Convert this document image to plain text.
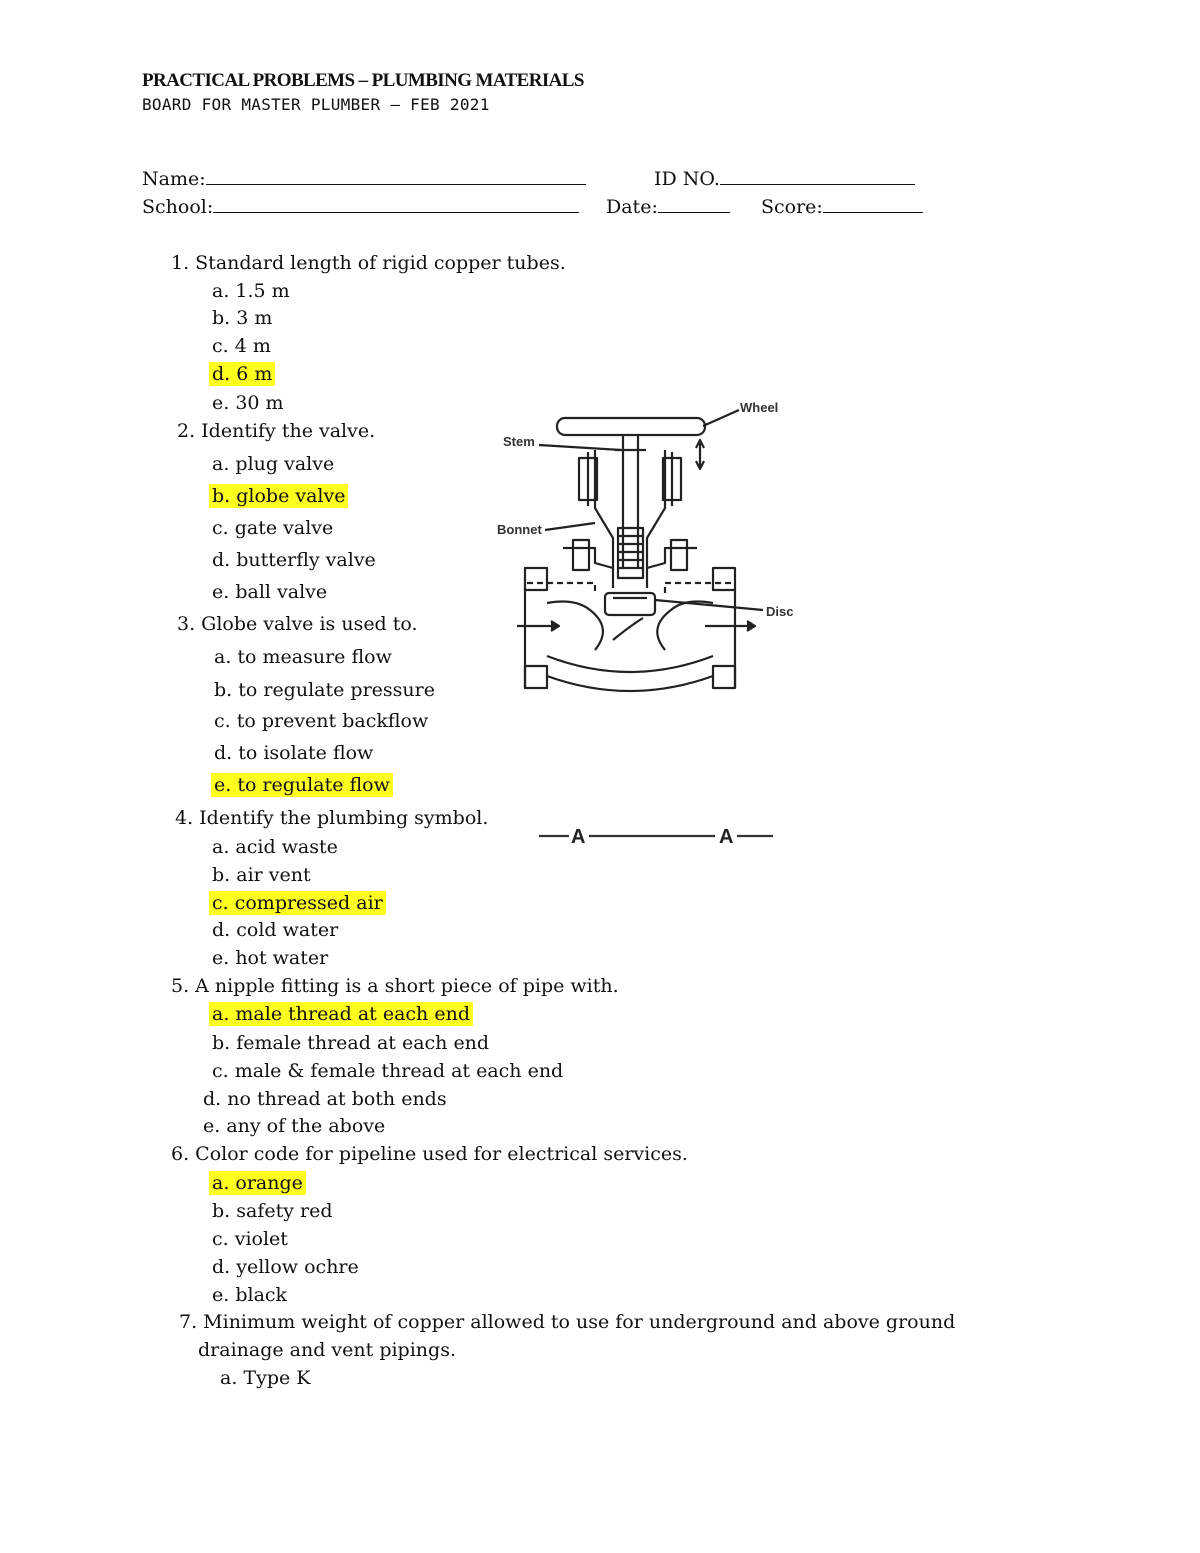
PRACTICAL PROBLEMS – PLUMBING MATERIALS
BOARD FOR MASTER PLUMBER – FEB 2021
Name:	ID NO.
School:	Date:	Score:
1. Standard length of rigid copper tubes.
a. 1.5 m
b. 3 m
c. 4 m
d. 6 m
e. 30 m
2. Identify the valve.
a. plug valve
b. globe valve
c. gate valve
d. butterfly valve
e. ball valve
3. Globe valve is used to.
a. to measure flow
b. to regulate pressure
c. to prevent backflow
d. to isolate flow
e. to regulate flow
4. Identify the plumbing symbol.
a. acid waste
b. air vent
c. compressed air
d. cold water
e. hot water
5. A nipple fitting is a short piece of pipe with.
a. male thread at each end
b. female thread at each end
c. male & female thread at each end
d. no thread at both ends
e. any of the above
6. Color code for pipeline used for electrical services.
a. orange
b. safety red
c. violet
d. yellow ochre
e. black
7. Minimum weight of copper allowed to use for underground and above ground
drainage and vent pipings.
a. Type K
Wheel
Stem
Bonnet
Disc
A	A
